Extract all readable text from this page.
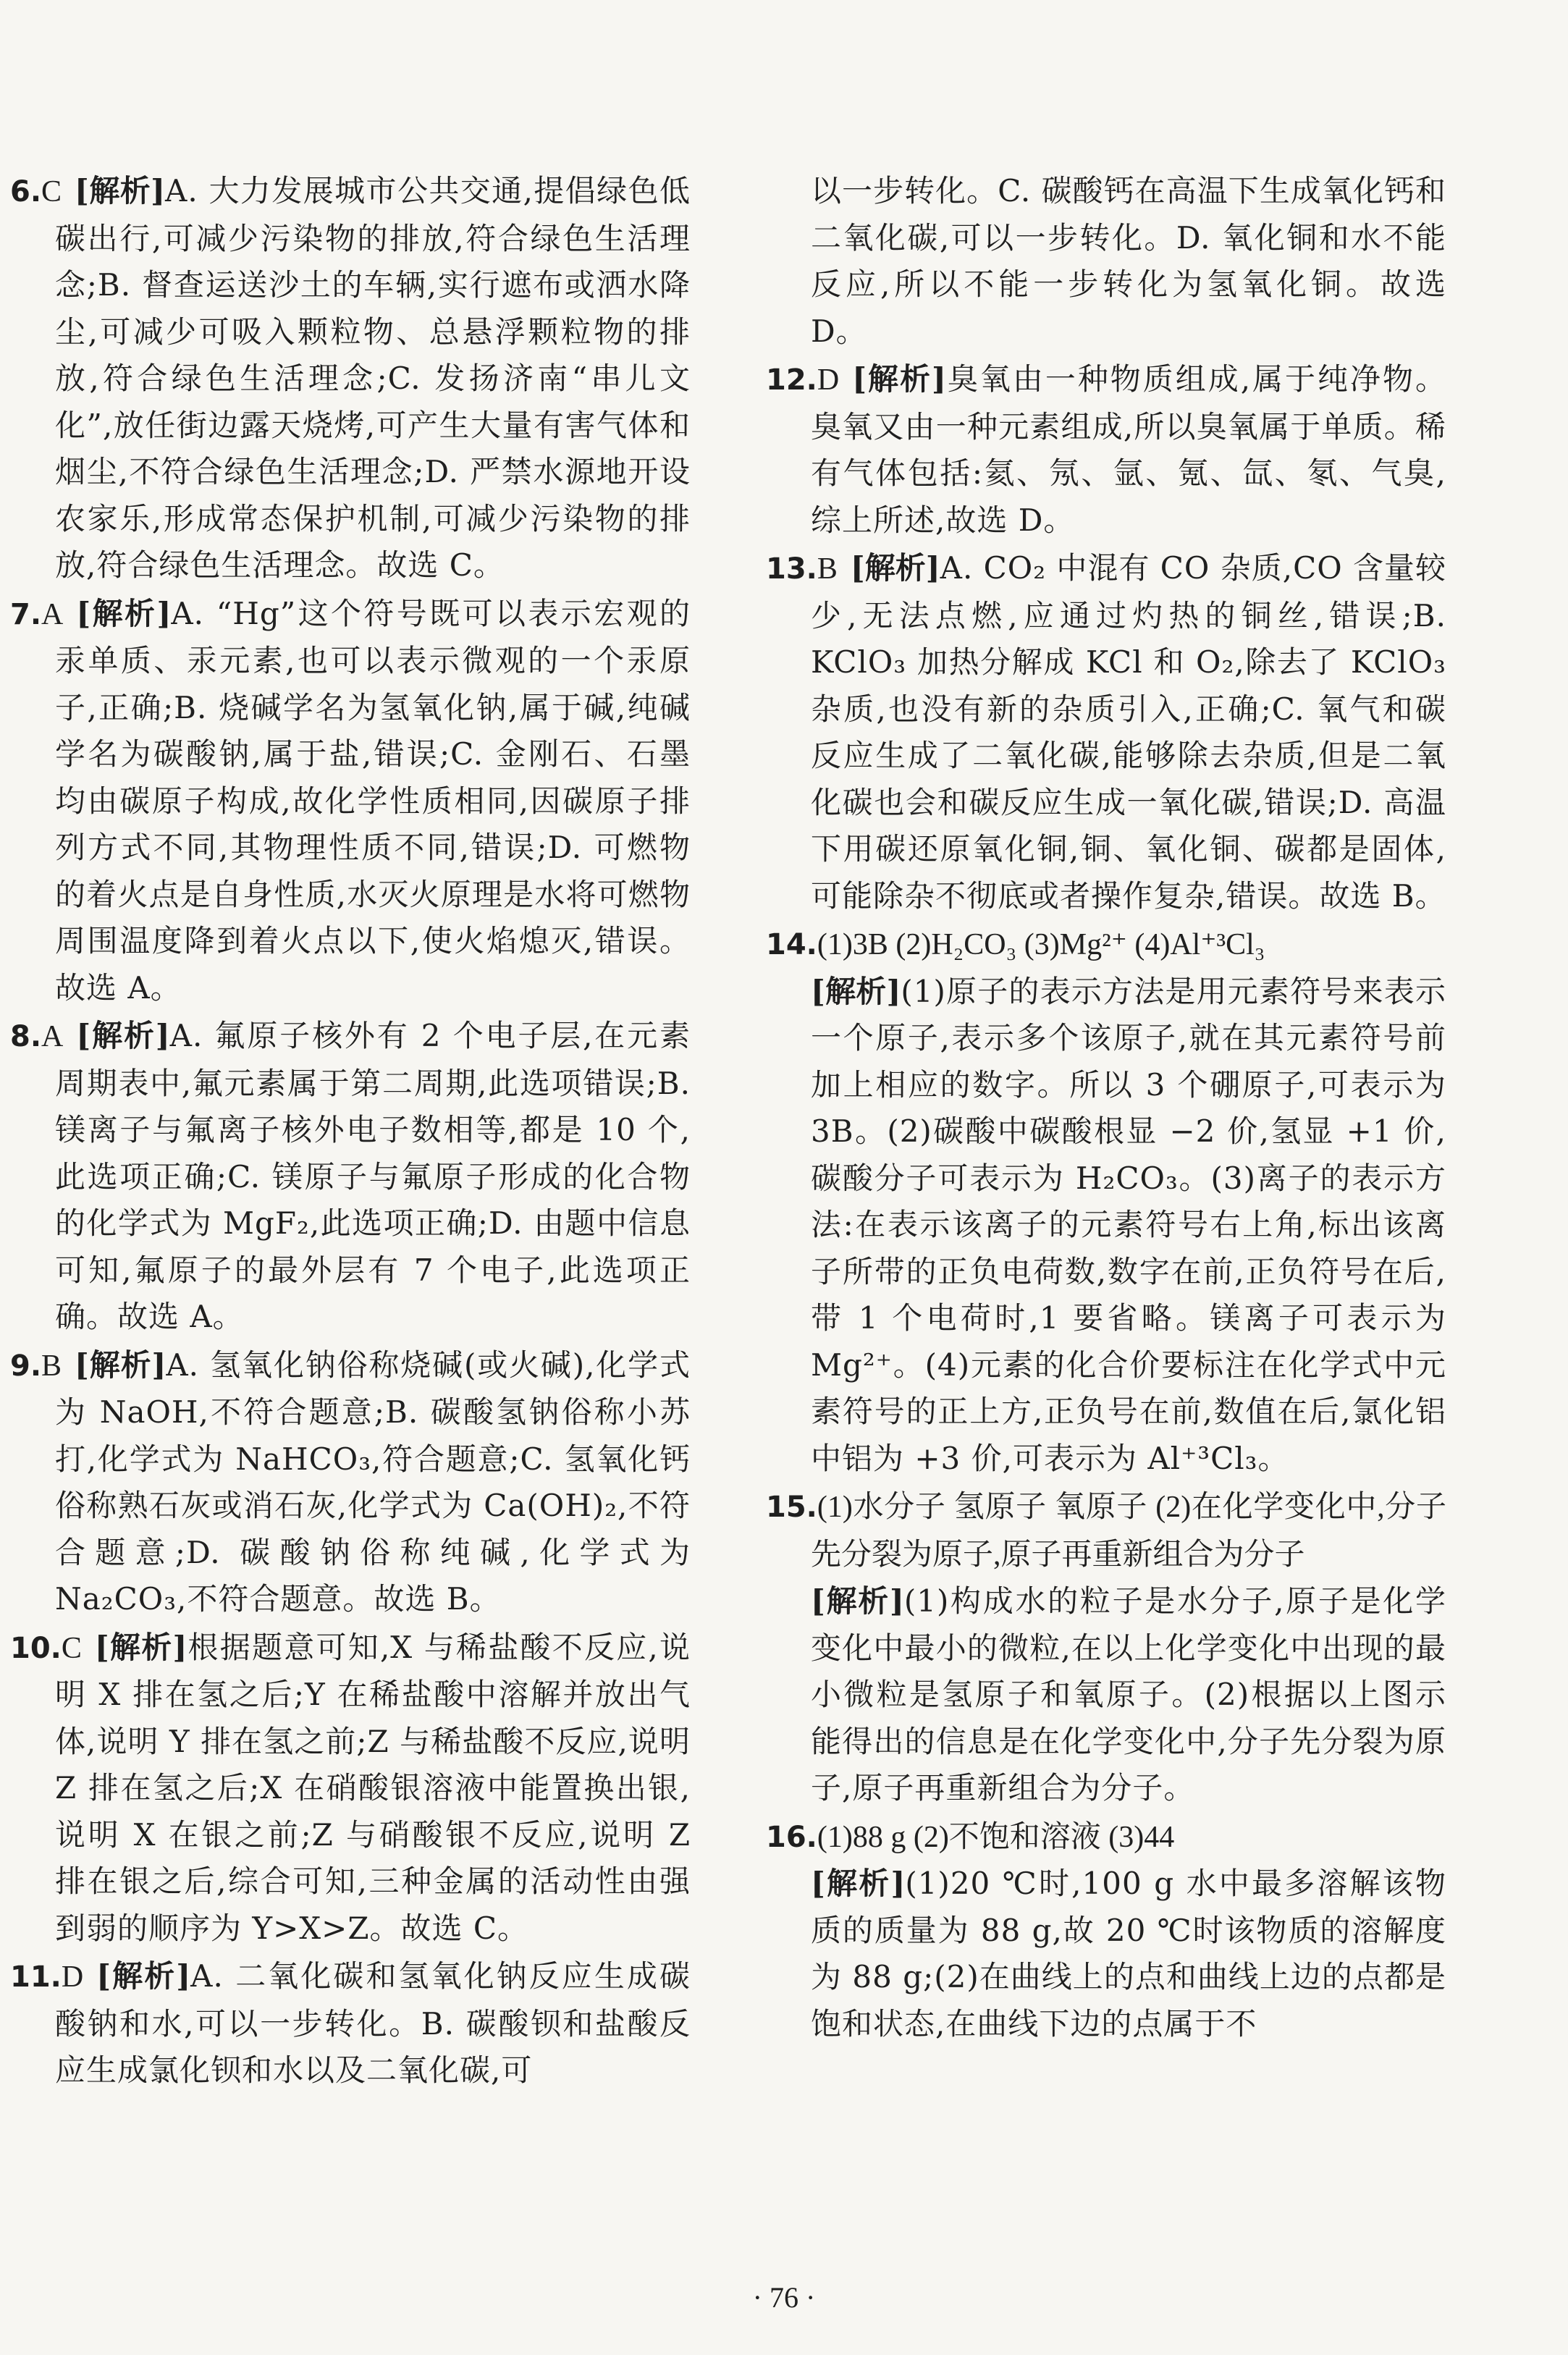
6.C [解析]A. 大力发展城市公共交通,提倡绿色低碳出行,可减少污染物的排放,符合绿色生活理念;B. 督查运送沙土的车辆,实行遮布或洒水降尘,可减少可吸入颗粒物、总悬浮颗粒物的排放,符合绿色生活理念;C. 发扬济南“串儿文化”,放任街边露天烧烤,可产生大量有害气体和烟尘,不符合绿色生活理念;D. 严禁水源地开设农家乐,形成常态保护机制,可减少污染物的排放,符合绿色生活理念。故选 C。
7.A [解析]A. “Hg”这个符号既可以表示宏观的汞单质、汞元素,也可以表示微观的一个汞原子,正确;B. 烧碱学名为氢氧化钠,属于碱,纯碱学名为碳酸钠,属于盐,错误;C. 金刚石、石墨均由碳原子构成,故化学性质相同,因碳原子排列方式不同,其物理性质不同,错误;D. 可燃物的着火点是自身性质,水灭火原理是水将可燃物周围温度降到着火点以下,使火焰熄灭,错误。故选 A。
8.A [解析]A. 氟原子核外有 2 个电子层,在元素周期表中,氟元素属于第二周期,此选项错误;B. 镁离子与氟离子核外电子数相等,都是 10 个,此选项正确;C. 镁原子与氟原子形成的化合物的化学式为 MgF₂,此选项正确;D. 由题中信息可知,氟原子的最外层有 7 个电子,此选项正确。故选 A。
9.B [解析]A. 氢氧化钠俗称烧碱(或火碱),化学式为 NaOH,不符合题意;B. 碳酸氢钠俗称小苏打,化学式为 NaHCO₃,符合题意;C. 氢氧化钙俗称熟石灰或消石灰,化学式为 Ca(OH)₂,不符合题意;D. 碳酸钠俗称纯碱,化学式为 Na₂CO₃,不符合题意。故选 B。
10.C [解析]根据题意可知,X 与稀盐酸不反应,说明 X 排在氢之后;Y 在稀盐酸中溶解并放出气体,说明 Y 排在氢之前;Z 与稀盐酸不反应,说明 Z 排在氢之后;X 在硝酸银溶液中能置换出银,说明 X 在银之前;Z 与硝酸银不反应,说明 Z 排在银之后,综合可知,三种金属的活动性由强到弱的顺序为 Y>X>Z。故选 C。
11.D [解析]A. 二氧化碳和氢氧化钠反应生成碳酸钠和水,可以一步转化。B. 碳酸钡和盐酸反应生成氯化钡和水以及二氧化碳,可
以一步转化。C. 碳酸钙在高温下生成氧化钙和二氧化碳,可以一步转化。D. 氧化铜和水不能反应,所以不能一步转化为氢氧化铜。故选 D。
12.D [解析]臭氧由一种物质组成,属于纯净物。臭氧又由一种元素组成,所以臭氧属于单质。稀有气体包括:氦、氖、氩、氪、氙、氡、气臭,综上所述,故选 D。
13.B [解析]A. CO₂ 中混有 CO 杂质,CO 含量较少,无法点燃,应通过灼热的铜丝,错误;B. KClO₃ 加热分解成 KCl 和 O₂,除去了 KClO₃ 杂质,也没有新的杂质引入,正确;C. 氧气和碳反应生成了二氧化碳,能够除去杂质,但是二氧化碳也会和碳反应生成一氧化碳,错误;D. 高温下用碳还原氧化铜,铜、氧化铜、碳都是固体,可能除杂不彻底或者操作复杂,错误。故选 B。
14.(1)3B (2)H₂CO₃ (3)Mg²⁺ (4)Al⁺³Cl₃
[解析](1)原子的表示方法是用元素符号来表示一个原子,表示多个该原子,就在其元素符号前加上相应的数字。所以 3 个硼原子,可表示为 3B。(2)碳酸中碳酸根显 −2 价,氢显 +1 价,碳酸分子可表示为 H₂CO₃。(3)离子的表示方法:在表示该离子的元素符号右上角,标出该离子所带的正负电荷数,数字在前,正负符号在后,带 1 个电荷时,1 要省略。镁离子可表示为 Mg²⁺。(4)元素的化合价要标注在化学式中元素符号的正上方,正负号在前,数值在后,氯化铝中铝为 +3 价,可表示为 Al⁺³Cl₃。
15.(1)水分子 氢原子 氧原子 (2)在化学变化中,分子先分裂为原子,原子再重新组合为分子
[解析](1)构成水的粒子是水分子,原子是化学变化中最小的微粒,在以上化学变化中出现的最小微粒是氢原子和氧原子。(2)根据以上图示能得出的信息是在化学变化中,分子先分裂为原子,原子再重新组合为分子。
16.(1)88 g (2)不饱和溶液 (3)44
[解析](1)20 ℃时,100 g 水中最多溶解该物质的质量为 88 g,故 20 ℃时该物质的溶解度为 88 g;(2)在曲线上的点和曲线上边的点都是饱和状态,在曲线下边的点属于不
· 76 ·
